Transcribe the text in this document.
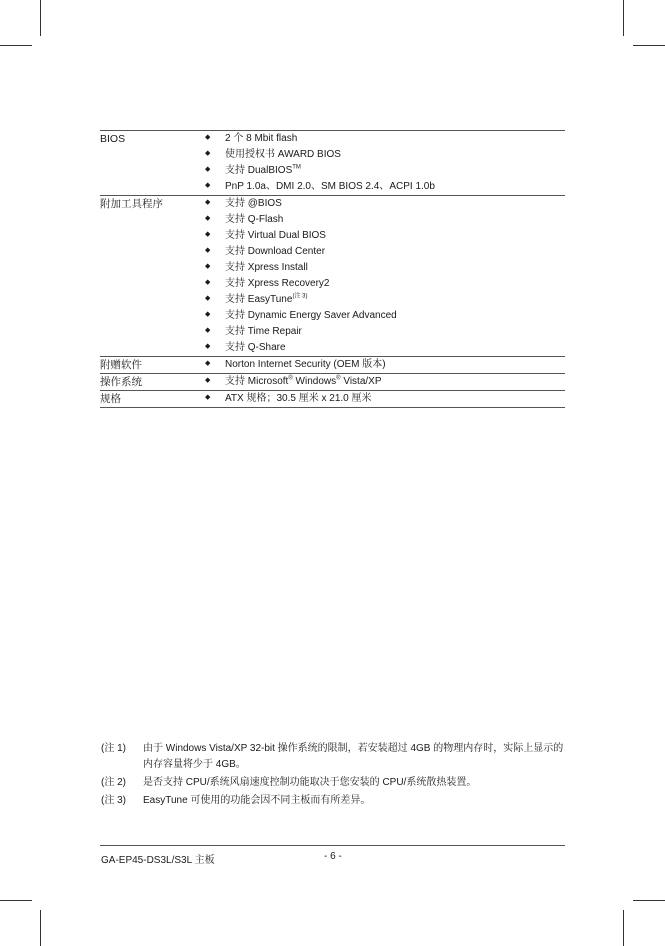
BIOS	◆	2 个 8 Mbit flash
	◆	使用授权书 AWARD BIOS
	◆	支持 DualBIOS™
	◆	PnP 1.0a、DMI 2.0、SM BIOS 2.4、ACPI 1.0b
附加工具程序	◆	支持 @BIOS
	◆	支持 Q-Flash
	◆	支持 Virtual Dual BIOS
	◆	支持 Download Center
	◆	支持 Xpress Install
	◆	支持 Xpress Recovery2
	◆	支持 EasyTune$^{(注 3)}$
	◆	支持 Dynamic Energy Saver Advanced
	◆	支持 Time Repair
	◆	支持 Q-Share
附赠软件	◆	Norton Internet Security (OEM 版本)
操作系统	◆	支持 Microsoft® Windows® Vista/XP
规格	◆	ATX 规格；30.5 厘米 x 21.0 厘米
(注 1)	由于 Windows Vista/XP 32-bit 操作系统的限制，若安装超过 4GB 的物理内存时，实际上显示的内存容量将少于 4GB。
(注 2)	是否支持 CPU/系统风扇速度控制功能取决于您安装的 CPU/系统散热装置。
(注 3)	EasyTune 可使用的功能会因不同主板而有所差异。
GA-EP45-DS3L/S3L 主板	- 6 -
